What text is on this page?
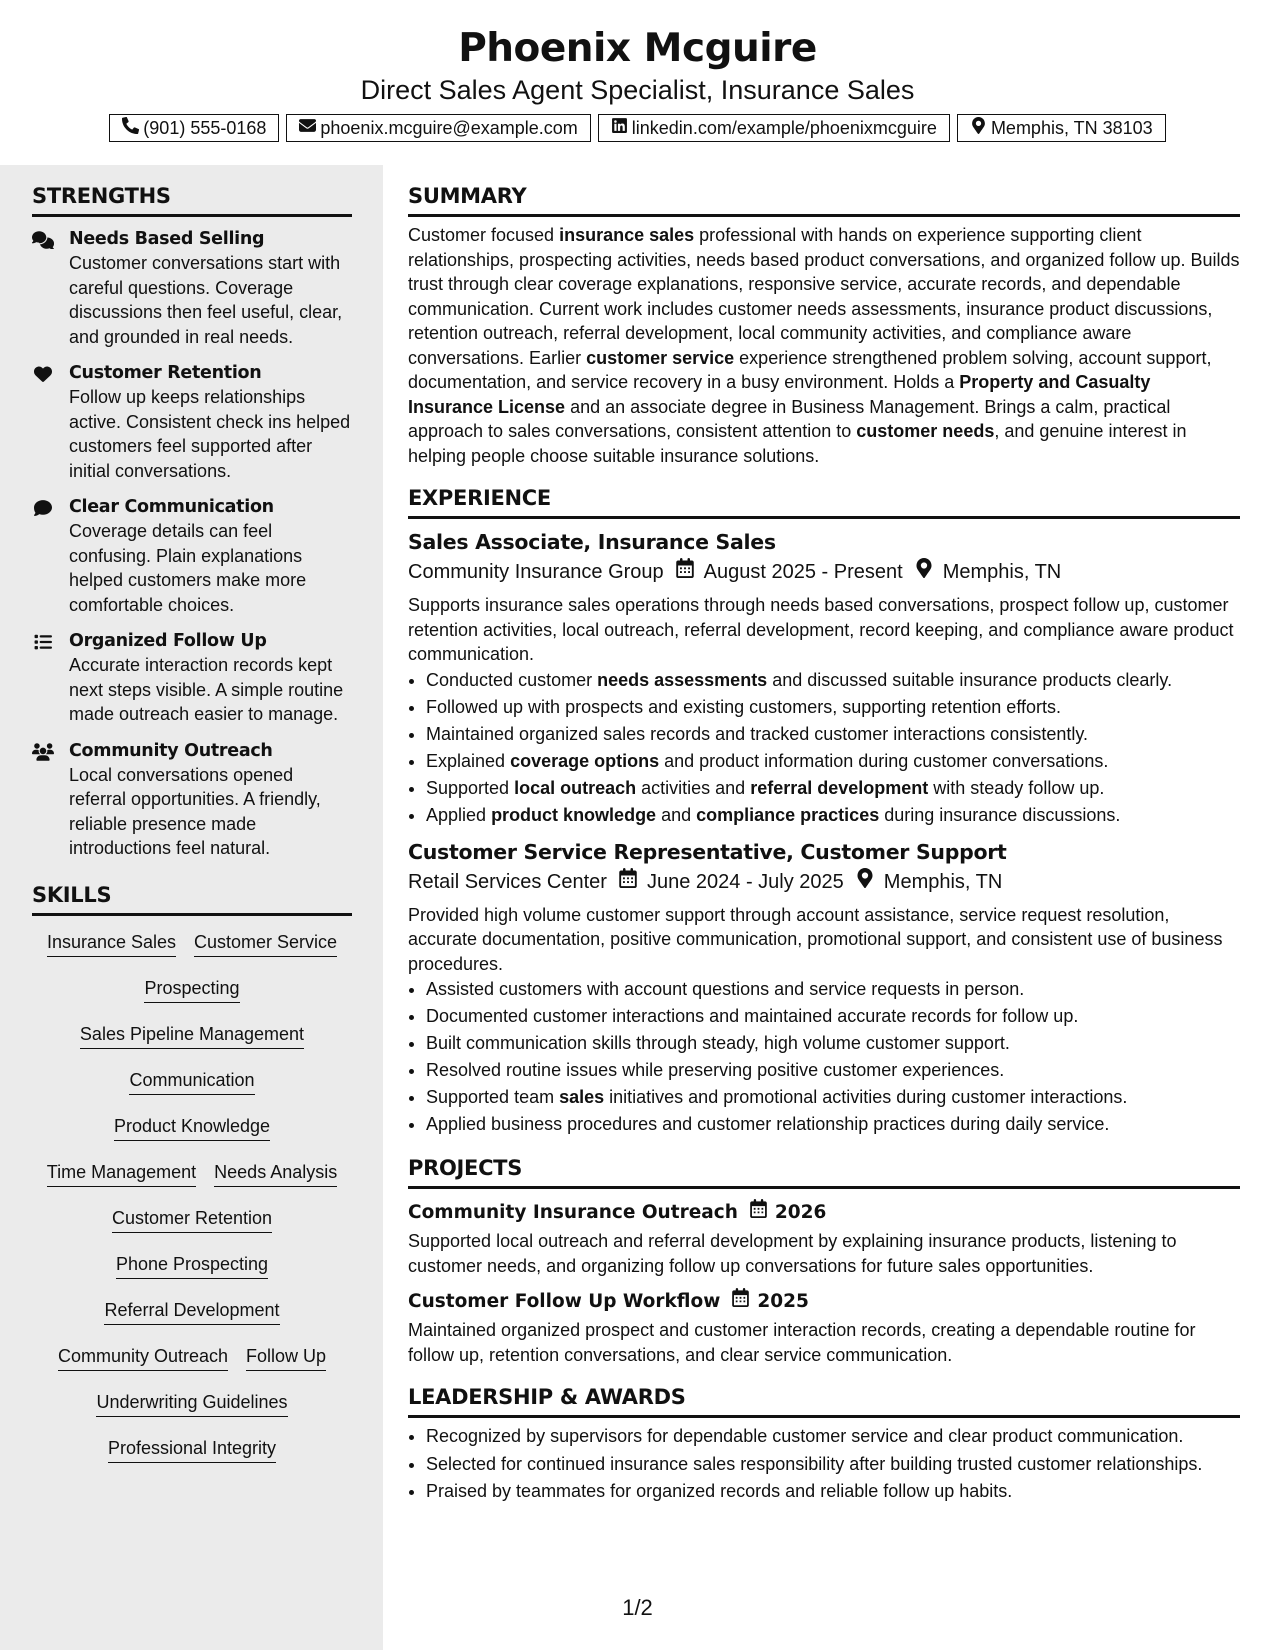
Phoenix Mcguire
Direct Sales Agent Specialist, Insurance Sales
(901) 555-0168	phoenix.mcguire@example.com	linkedin.com/example/phoenixmcguire	Memphis, TN 38103
STRENGTHS
Needs Based Selling
Customer conversations start with careful questions. Coverage discussions then feel useful, clear, and grounded in real needs.
Customer Retention
Follow up keeps relationships active. Consistent check ins helped customers feel supported after initial conversations.
Clear Communication
Coverage details can feel confusing. Plain explanations helped customers make more comfortable choices.
Organized Follow Up
Accurate interaction records kept next steps visible. A simple routine made outreach easier to manage.
Community Outreach
Local conversations opened referral opportunities. A friendly, reliable presence made introductions feel natural.
SKILLS
Insurance Sales Customer Service
Prospecting
Sales Pipeline Management
Communication
Product Knowledge
Time Management Needs Analysis
Customer Retention
Phone Prospecting
Referral Development
Community Outreach Follow Up
Underwriting Guidelines
Professional Integrity
SUMMARY
Customer focused insurance sales professional with hands on experience supporting client relationships, prospecting activities, needs based product conversations, and organized follow up. Builds trust through clear coverage explanations, responsive service, accurate records, and dependable communication. Current work includes customer needs assessments, insurance product discussions, retention outreach, referral development, local community activities, and compliance aware conversations. Earlier customer service experience strengthened problem solving, account support, documentation, and service recovery in a busy environment. Holds a Property and Casualty Insurance License and an associate degree in Business Management. Brings a calm, practical approach to sales conversations, consistent attention to customer needs, and genuine interest in helping people choose suitable insurance solutions.
EXPERIENCE
Sales Associate, Insurance Sales
Community Insurance Group August 2025 - Present Memphis, TN
Supports insurance sales operations through needs based conversations, prospect follow up, customer retention activities, local outreach, referral development, record keeping, and compliance aware product communication.
• Conducted customer needs assessments and discussed suitable insurance products clearly.
• Followed up with prospects and existing customers, supporting retention efforts.
• Maintained organized sales records and tracked customer interactions consistently.
• Explained coverage options and product information during customer conversations.
• Supported local outreach activities and referral development with steady follow up.
• Applied product knowledge and compliance practices during insurance discussions.
Customer Service Representative, Customer Support
Retail Services Center June 2024 - July 2025 Memphis, TN
Provided high volume customer support through account assistance, service request resolution, accurate documentation, positive communication, promotional support, and consistent use of business procedures.
• Assisted customers with account questions and service requests in person.
• Documented customer interactions and maintained accurate records for follow up.
• Built communication skills through steady, high volume customer support.
• Resolved routine issues while preserving positive customer experiences.
• Supported team sales initiatives and promotional activities during customer interactions.
• Applied business procedures and customer relationship practices during daily service.
PROJECTS
Community Insurance Outreach 2026
Supported local outreach and referral development by explaining insurance products, listening to customer needs, and organizing follow up conversations for future sales opportunities.
Customer Follow Up Workflow 2025
Maintained organized prospect and customer interaction records, creating a dependable routine for follow up, retention conversations, and clear service communication.
LEADERSHIP & AWARDS
• Recognized by supervisors for dependable customer service and clear product communication.
• Selected for continued insurance sales responsibility after building trusted customer relationships.
• Praised by teammates for organized records and reliable follow up habits.
1/2
